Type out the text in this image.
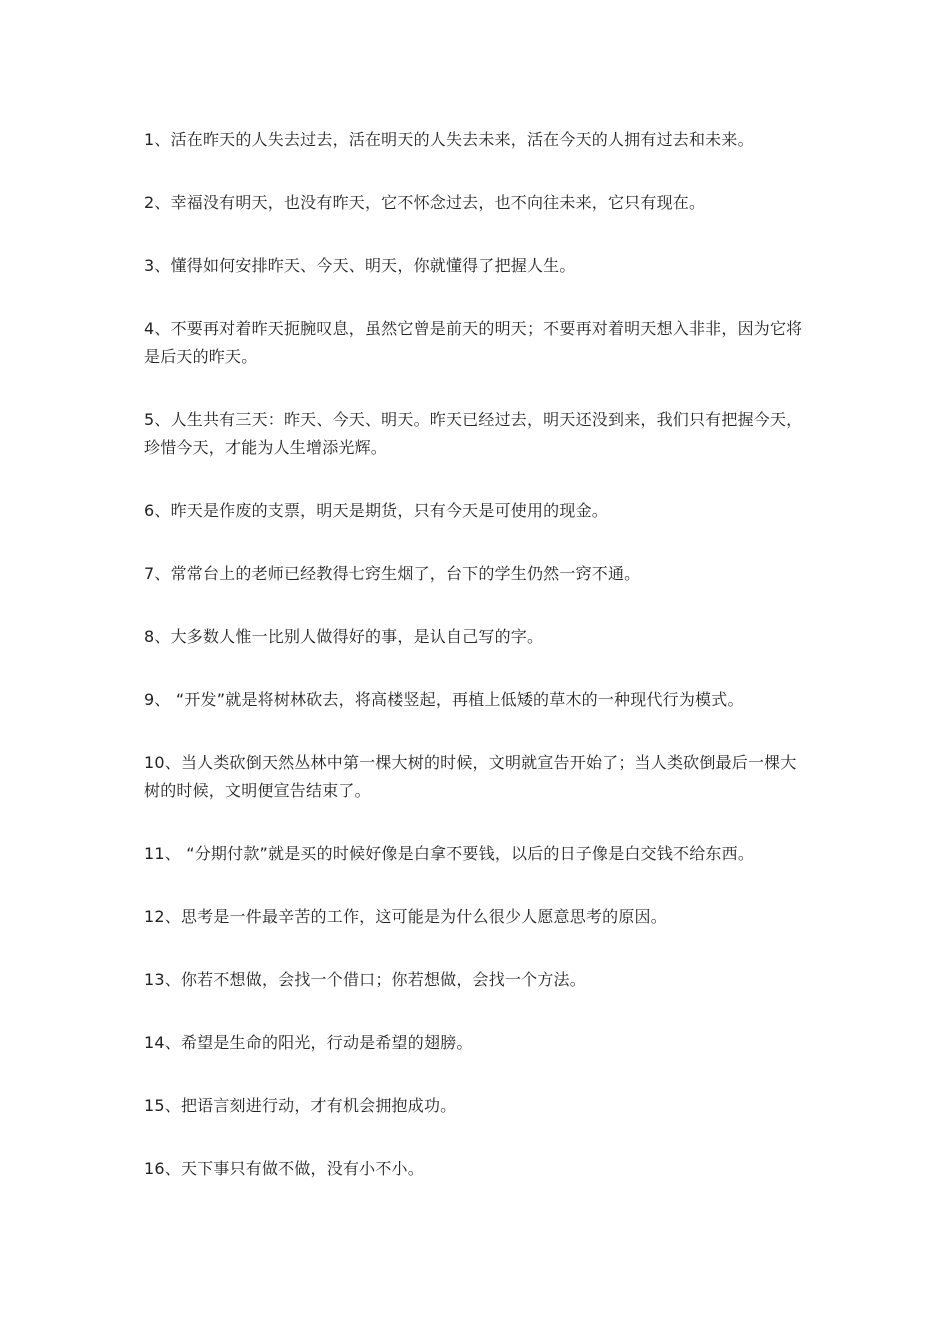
1、活在昨天的人失去过去，活在明天的人失去未来，活在今天的人拥有过去和未来。

2、幸福没有明天，也没有昨天，它不怀念过去，也不向往未来，它只有现在。

3、懂得如何安排昨天、今天、明天，你就懂得了把握人生。

4、不要再对着昨天扼腕叹息，虽然它曾是前天的明天；不要再对着明天想入非非，因为它将是后天的昨天。

5、人生共有三天：昨天、今天、明天。昨天已经过去，明天还没到来，我们只有把握今天， 珍惜今天，才能为人生增添光辉。

6、昨天是作废的支票，明天是期货，只有今天是可使用的现金。

7、常常台上的老师已经教得七窍生烟了，台下的学生仍然一窍不通。

8、大多数人惟一比别人做得好的事，是认自己写的字。

9、 “开发”就是将树林砍去，将高楼竖起，再植上低矮的草木的一种现代行为模式。

10、当人类砍倒天然丛林中第一棵大树的时候，文明就宣告开始了；当人类砍倒最后一棵大树的时候，文明便宣告结束了。

11、 “分期付款”就是买的时候好像是白拿不要钱，以后的日子像是白交钱不给东西。

12、思考是一件最辛苦的工作，这可能是为什么很少人愿意思考的原因。

13、你若不想做，会找一个借口；你若想做，会找一个方法。

14、希望是生命的阳光，行动是希望的翅膀。

15、把语言刻进行动，才有机会拥抱成功。

16、天下事只有做不做，没有小不小。
